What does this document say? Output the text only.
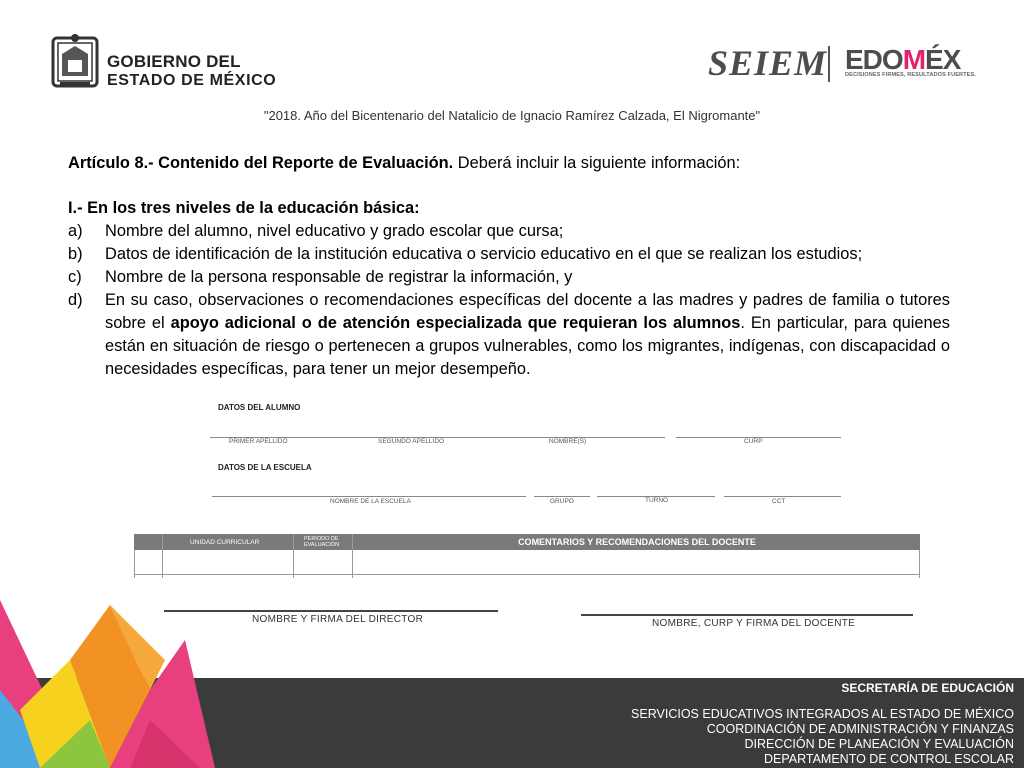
GOBIERNO DEL
ESTADO DE MÉXICO	SEIEM EDOMÉX
DECISIONES FIRMES, RESULTADOS FUERTES.
"2018. Año del Bicentenario del Natalicio de Ignacio Ramírez Calzada, El Nigromante"

Artículo 8.- Contenido del Reporte de Evaluación. Deberá incluir la siguiente información:

I.- En los tres niveles de la educación básica:

a) Nombre del alumno, nivel educativo y grado escolar que cursa;
b) Datos de identificación de la institución educativa o servicio educativo en el que se realizan los estudios;
c) Nombre de la persona responsable de registrar la información, y
d) En su caso, observaciones o recomendaciones específicas del docente a las madres y padres de familia o tutores sobre el apoyo adicional o de atención especializada que requieran los alumnos. En particular, para quienes están en situación de riesgo o pertenecen a grupos vulnerables, como los migrantes, indígenas, con discapacidad o necesidades específicas, para tener un mejor desempeño.
DATOS DEL ALUMNO
PRIMER APELLIDO	SEGUNDO APELLIDO	NOMBRE(S)	CURP
DATOS DE LA ESCUELA
NOMBRE DE LA ESCUELA	GRUPO	TURNO	CCT
UNIDAD CURRICULAR	PERIODO DE EVALUACIÓN	COMENTARIOS Y RECOMENDACIONES DEL DOCENTE
NOMBRE Y FIRMA DEL DIRECTOR	NOMBRE, CURP Y FIRMA DEL DOCENTE
SECRETARÍA DE EDUCACIÓN
SERVICIOS EDUCATIVOS INTEGRADOS AL ESTADO DE MÉXICO
COORDINACIÓN DE ADMINISTRACIÓN Y FINANZAS
DIRECCIÓN DE PLANEACIÓN Y EVALUACIÓN
DEPARTAMENTO DE CONTROL ESCOLAR
